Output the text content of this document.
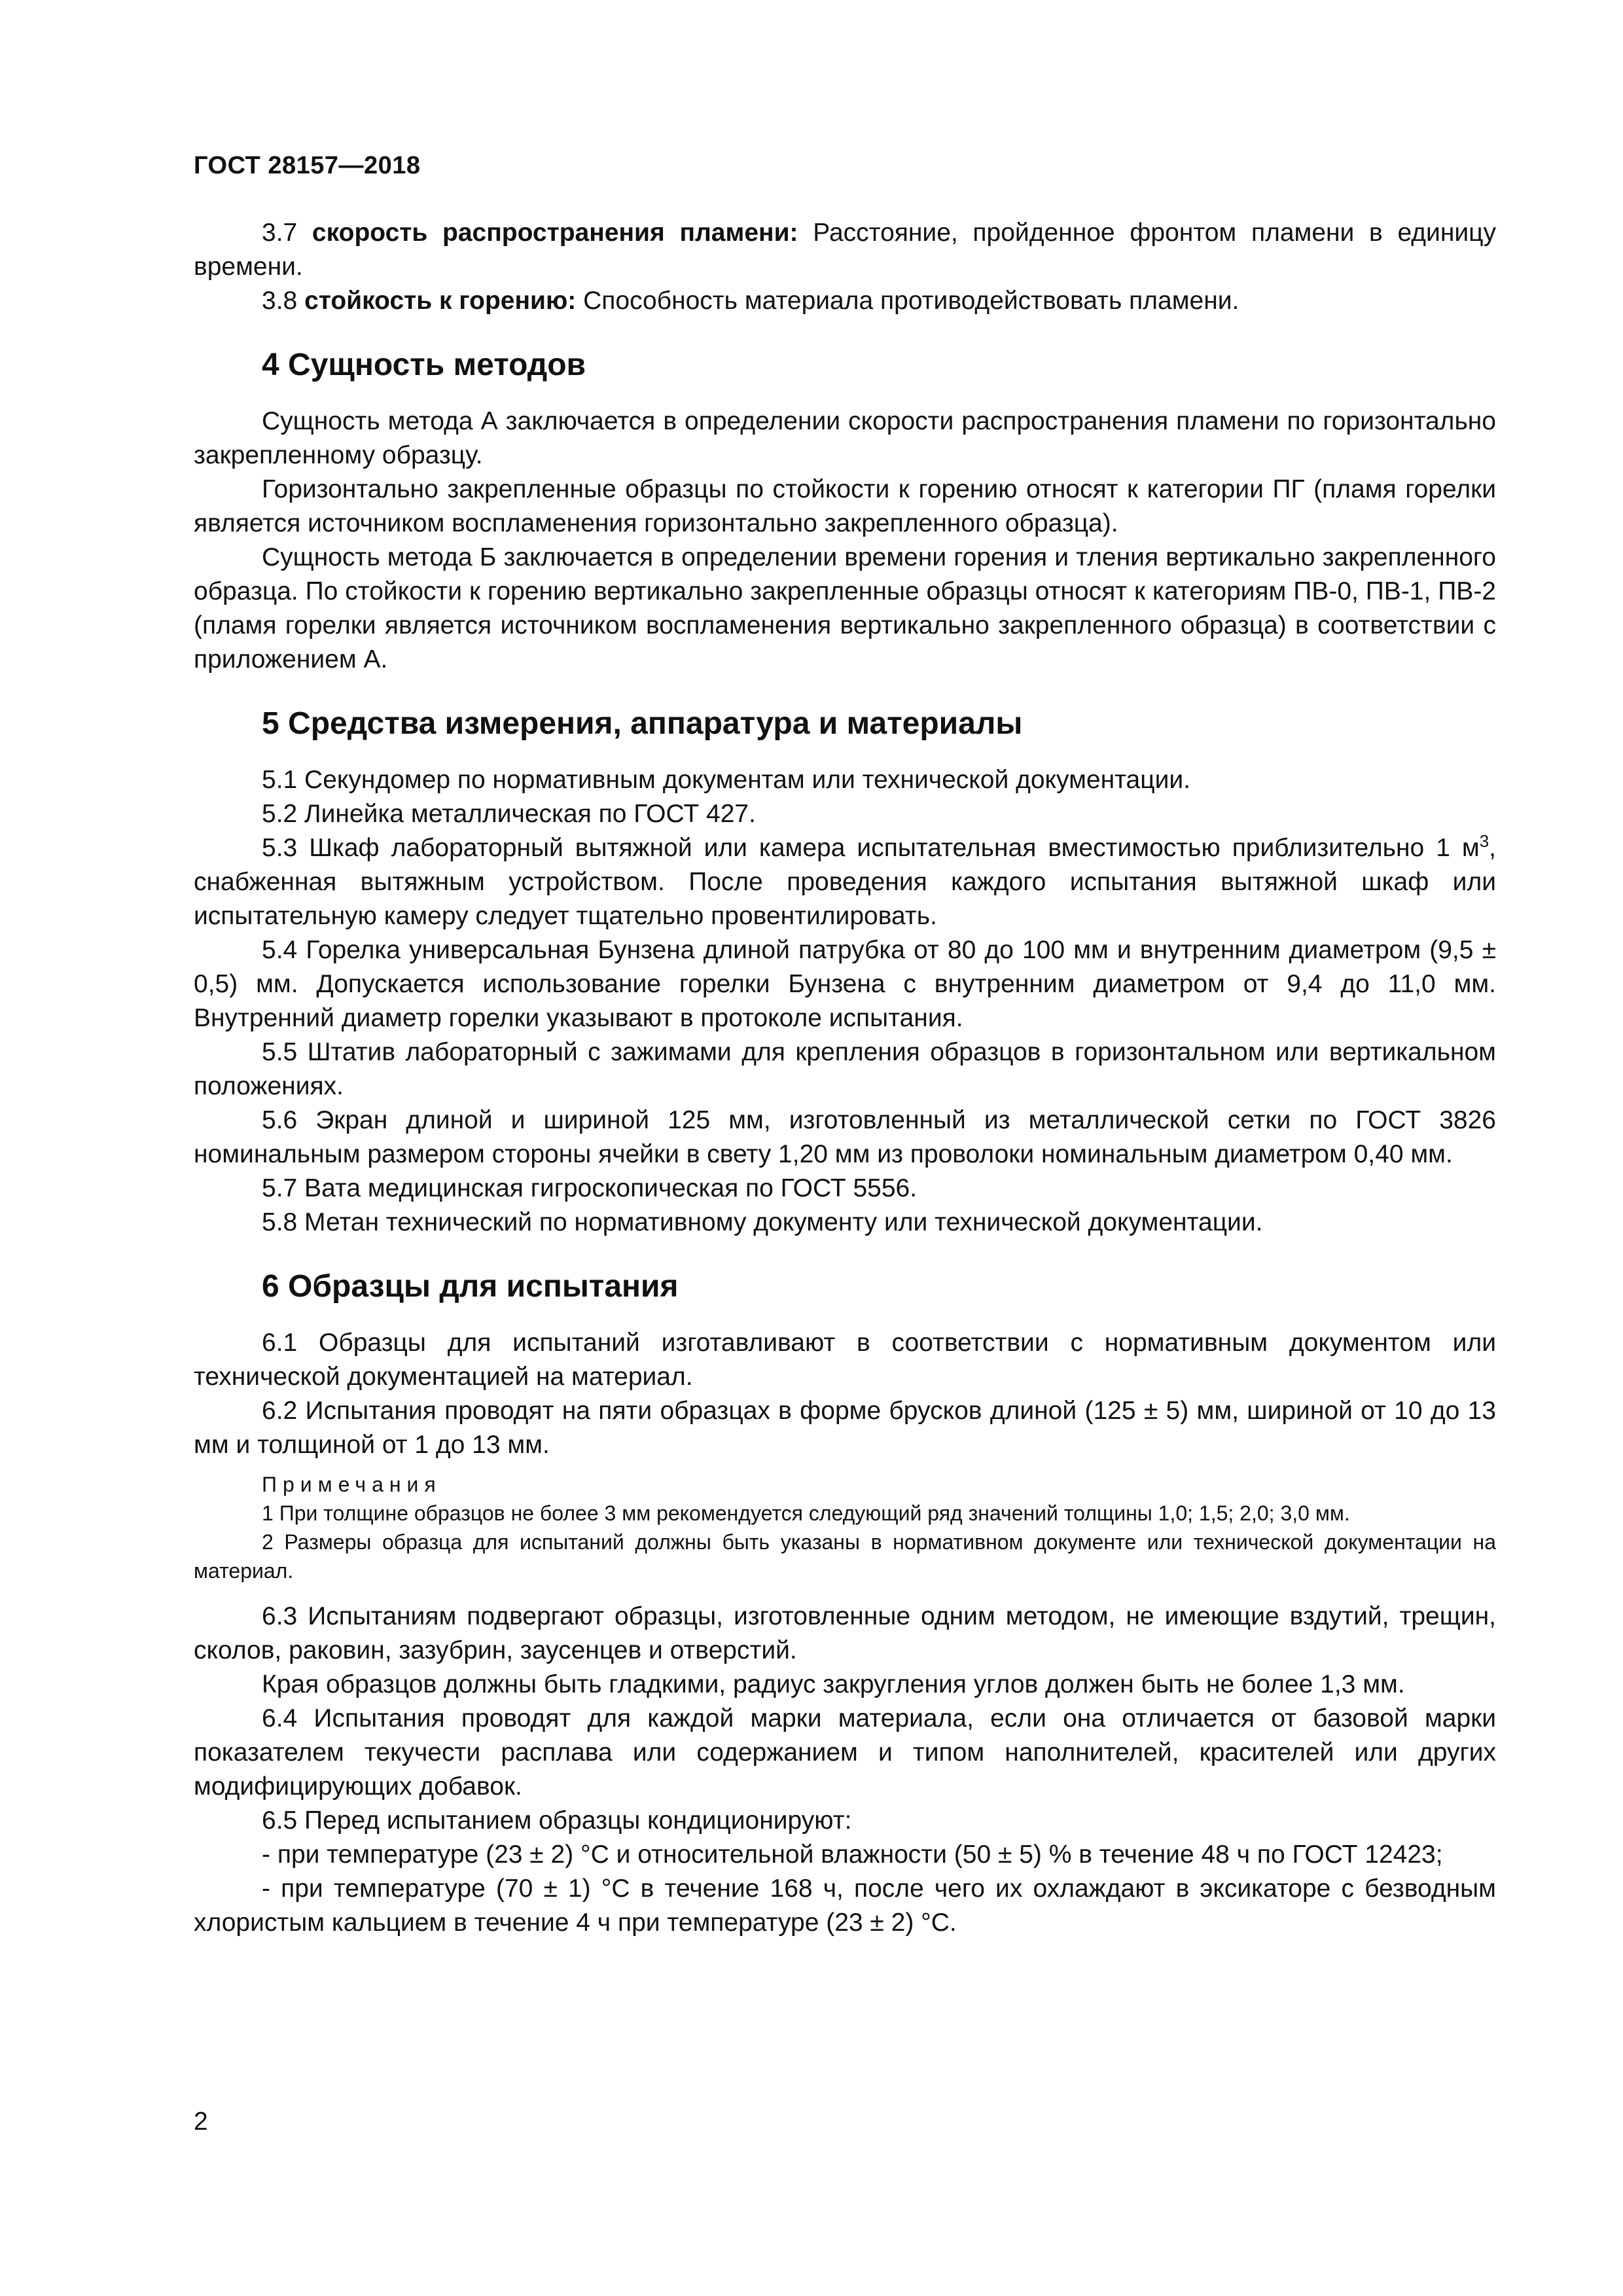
ГОСТ 28157—2018

3.7 скорость распространения пламени: Расстояние, пройденное фронтом пламени в единицу времени.

3.8 стойкость к горению: Способность материала противодействовать пламени.

4 Сущность методов

Сущность метода А заключается в определении скорости распространения пламени по горизонтально закрепленному образцу.

Горизонтально закрепленные образцы по стойкости к горению относят к категории ПГ (пламя горелки является источником воспламенения горизонтально закрепленного образца).

Сущность метода Б заключается в определении времени горения и тления вертикально закрепленного образца. По стойкости к горению вертикально закрепленные образцы относят к категориям ПВ-0, ПВ-1, ПВ-2 (пламя горелки является источником воспламенения вертикально закрепленного образца) в соответствии с приложением А.

5 Средства измерения, аппаратура и материалы

5.1 Секундомер по нормативным документам или технической документации.

5.2 Линейка металлическая по ГОСТ 427.

5.3 Шкаф лабораторный вытяжной или камера испытательная вместимостью приблизительно 1 $м^3$, снабженная вытяжным устройством. После проведения каждого испытания вытяжной шкаф или испытательную камеру следует тщательно провентилировать.

5.4 Горелка универсальная Бунзена длиной патрубка от 80 до 100 мм и внутренним диаметром (9,5 ± 0,5) мм. Допускается использование горелки Бунзена с внутренним диаметром от 9,4 до 11,0 мм. Внутренний диаметр горелки указывают в протоколе испытания.

5.5 Штатив лабораторный с зажимами для крепления образцов в горизонтальном или вертикальном положениях.

5.6 Экран длиной и шириной 125 мм, изготовленный из металлической сетки по ГОСТ 3826 номинальным размером стороны ячейки в свету 1,20 мм из проволоки номинальным диаметром 0,40 мм.

5.7 Вата медицинская гигроскопическая по ГОСТ 5556.

5.8 Метан технический по нормативному документу или технической документации.

6 Образцы для испытания

6.1 Образцы для испытаний изготавливают в соответствии с нормативным документом или технической документацией на материал.

6.2 Испытания проводят на пяти образцах в форме брусков длиной (125 ± 5) мм, шириной от 10 до 13 мм и толщиной от 1 до 13 мм.

Примечания

1 При толщине образцов не более 3 мм рекомендуется следующий ряд значений толщины 1,0; 1,5; 2,0; 3,0 мм.

2 Размеры образца для испытаний должны быть указаны в нормативном документе или технической документации на материал.

6.3 Испытаниям подвергают образцы, изготовленные одним методом, не имеющие вздутий, трещин, сколов, раковин, зазубрин, заусенцев и отверстий.

Края образцов должны быть гладкими, радиус закругления углов должен быть не более 1,3 мм.

6.4 Испытания проводят для каждой марки материала, если она отличается от базовой марки показателем текучести расплава или содержанием и типом наполнителей, красителей или других модифицирующих добавок.

6.5 Перед испытанием образцы кондиционируют:

- при температуре (23 ± 2) °С и относительной влажности (50 ± 5) % в течение 48 ч по ГОСТ 12423;

- при температуре (70 ± 1) °С в течение 168 ч, после чего их охлаждают в эксикаторе с безводным хлористым кальцием в течение 4 ч при температуре (23 ± 2) °С.

2
